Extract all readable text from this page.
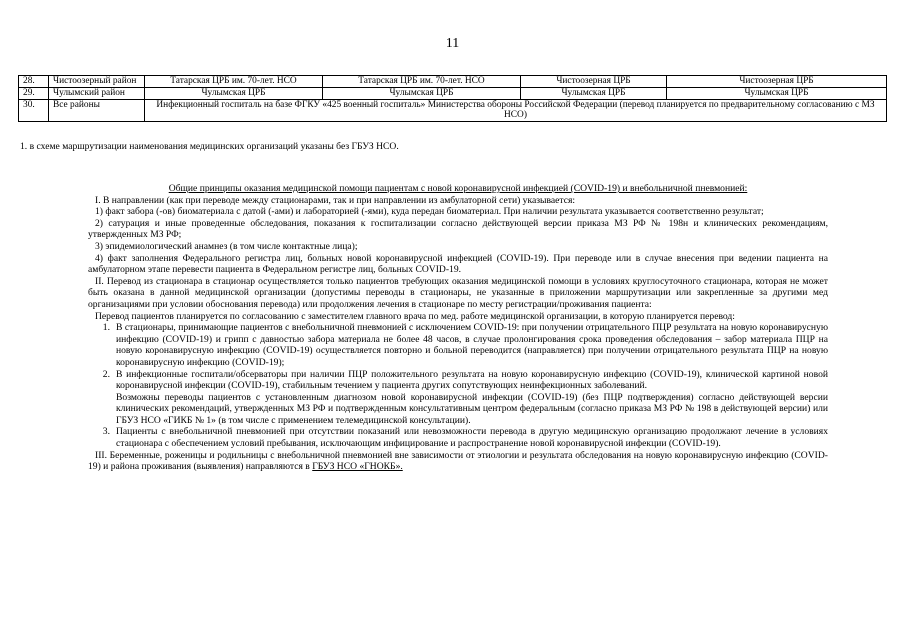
11
28.	Чистоозерный район	Татарская ЦРБ им. 70-лет. НСО	Татарская ЦРБ им. 70-лет. НСО	Чистоозерная ЦРБ	Чистоозерная ЦРБ
29.	Чулымский район	Чулымская ЦРБ	Чулымская ЦРБ	Чулымская ЦРБ	Чулымская ЦРБ
30.	Все районы	Инфекционный госпиталь на базе ФГКУ «425 военный госпиталь» Министерства обороны Российской Федерации (перевод планируется по предварительному согласованию с МЗ НСО)			
1. в схеме маршрутизации наименования медицинских организаций указаны без ГБУЗ НСО.

Общие принципы оказания медицинской помощи пациентам с новой коронавирусной инфекцией (COVID-19) и внебольничной пневмонией:

I. В направлении (как при переводе между стационарами, так и при направлении из амбулаторной сети) указывается:

1) факт забора (-ов) биоматериала с датой (-ами) и лабораторией (-ями), куда передан биоматериал. При наличии результата указывается соответственно результат;

2) сатурация и иные проведенные обследования, показания к госпитализации согласно действующей версии приказа МЗ РФ № 198н и клинических рекомендациям, утвержденных МЗ РФ;

3) эпидемиологический анамнез (в том числе контактные лица);

4) факт заполнения Федерального регистра лиц, больных новой коронавирусной инфекцией (COVID-19). При переводе или в случае внесения при ведении пациента на амбулаторном этапе перевести пациента в Федеральном регистре лиц, больных COVID-19.

II. Перевод из стационара в стационар осуществляется только пациентов требующих оказания медицинской помощи в условиях круглосуточного стационара, которая не может быть оказана в данной медицинской организации (допустимы переводы в стационары, не указанные в приложении маршрутизации или закрепленные за другими мед организациями при условии обоснования перевода) или продолжения лечения в стационаре по месту регистрации/проживания пациента:

Перевод пациентов планируется по согласованию с заместителем главного врача по мед. работе медицинской организации, в которую планируется перевод:

1. В стационары, принимающие пациентов с внебольничной пневмонией с исключением COVID-19: при получении отрицательного ПЦР результата на новую коронавирусную инфекцию (COVID-19) и грипп с давностью забора материала не более 48 часов, в случае пролонгирования срока проведения обследования – забор материала ПЦР на новую коронавирусную инфекцию (COVID-19) осуществляется повторно и больной переводится (направляется) при получении отрицательного результата ПЦР на новую коронавирусную инфекцию (COVID-19);
2. В инфекционные госпитали/обсерваторы при наличии ПЦР положительного результата на новую коронавирусную инфекцию (COVID-19), клинической картиной новой коронавирусной инфекции (COVID-19), стабильным течением у пациента других сопутствующих неинфекционных заболеваний.

Возможны переводы пациентов с установленным диагнозом новой коронавирусной инфекции (COVID-19) (без ПЦР подтверждения) согласно действующей версии клинических рекомендаций, утвержденных МЗ РФ и подтвержденным консультативным центром федеральным (согласно приказа МЗ РФ № 198 в действующей версии) или ГБУЗ НСО «ГИКБ № 1» (в том числе с применением телемедицинской консультации).

3. Пациенты с внебольничной пневмонией при отсутствии показаний или невозможности перевода в другую медицинскую организацию продолжают лечение в условиях стационара с обеспечением условий пребывания, исключающим инфицирование и распространение новой коронавирусной инфекции (COVID-19).

III. Беременные, роженицы и родильницы с внебольничной пневмонией вне зависимости от этиологии и результата обследования на новую коронавирусную инфекцию (COVID-19) и района проживания (выявления) направляются в ГБУЗ НСО «ГНОКБ».
